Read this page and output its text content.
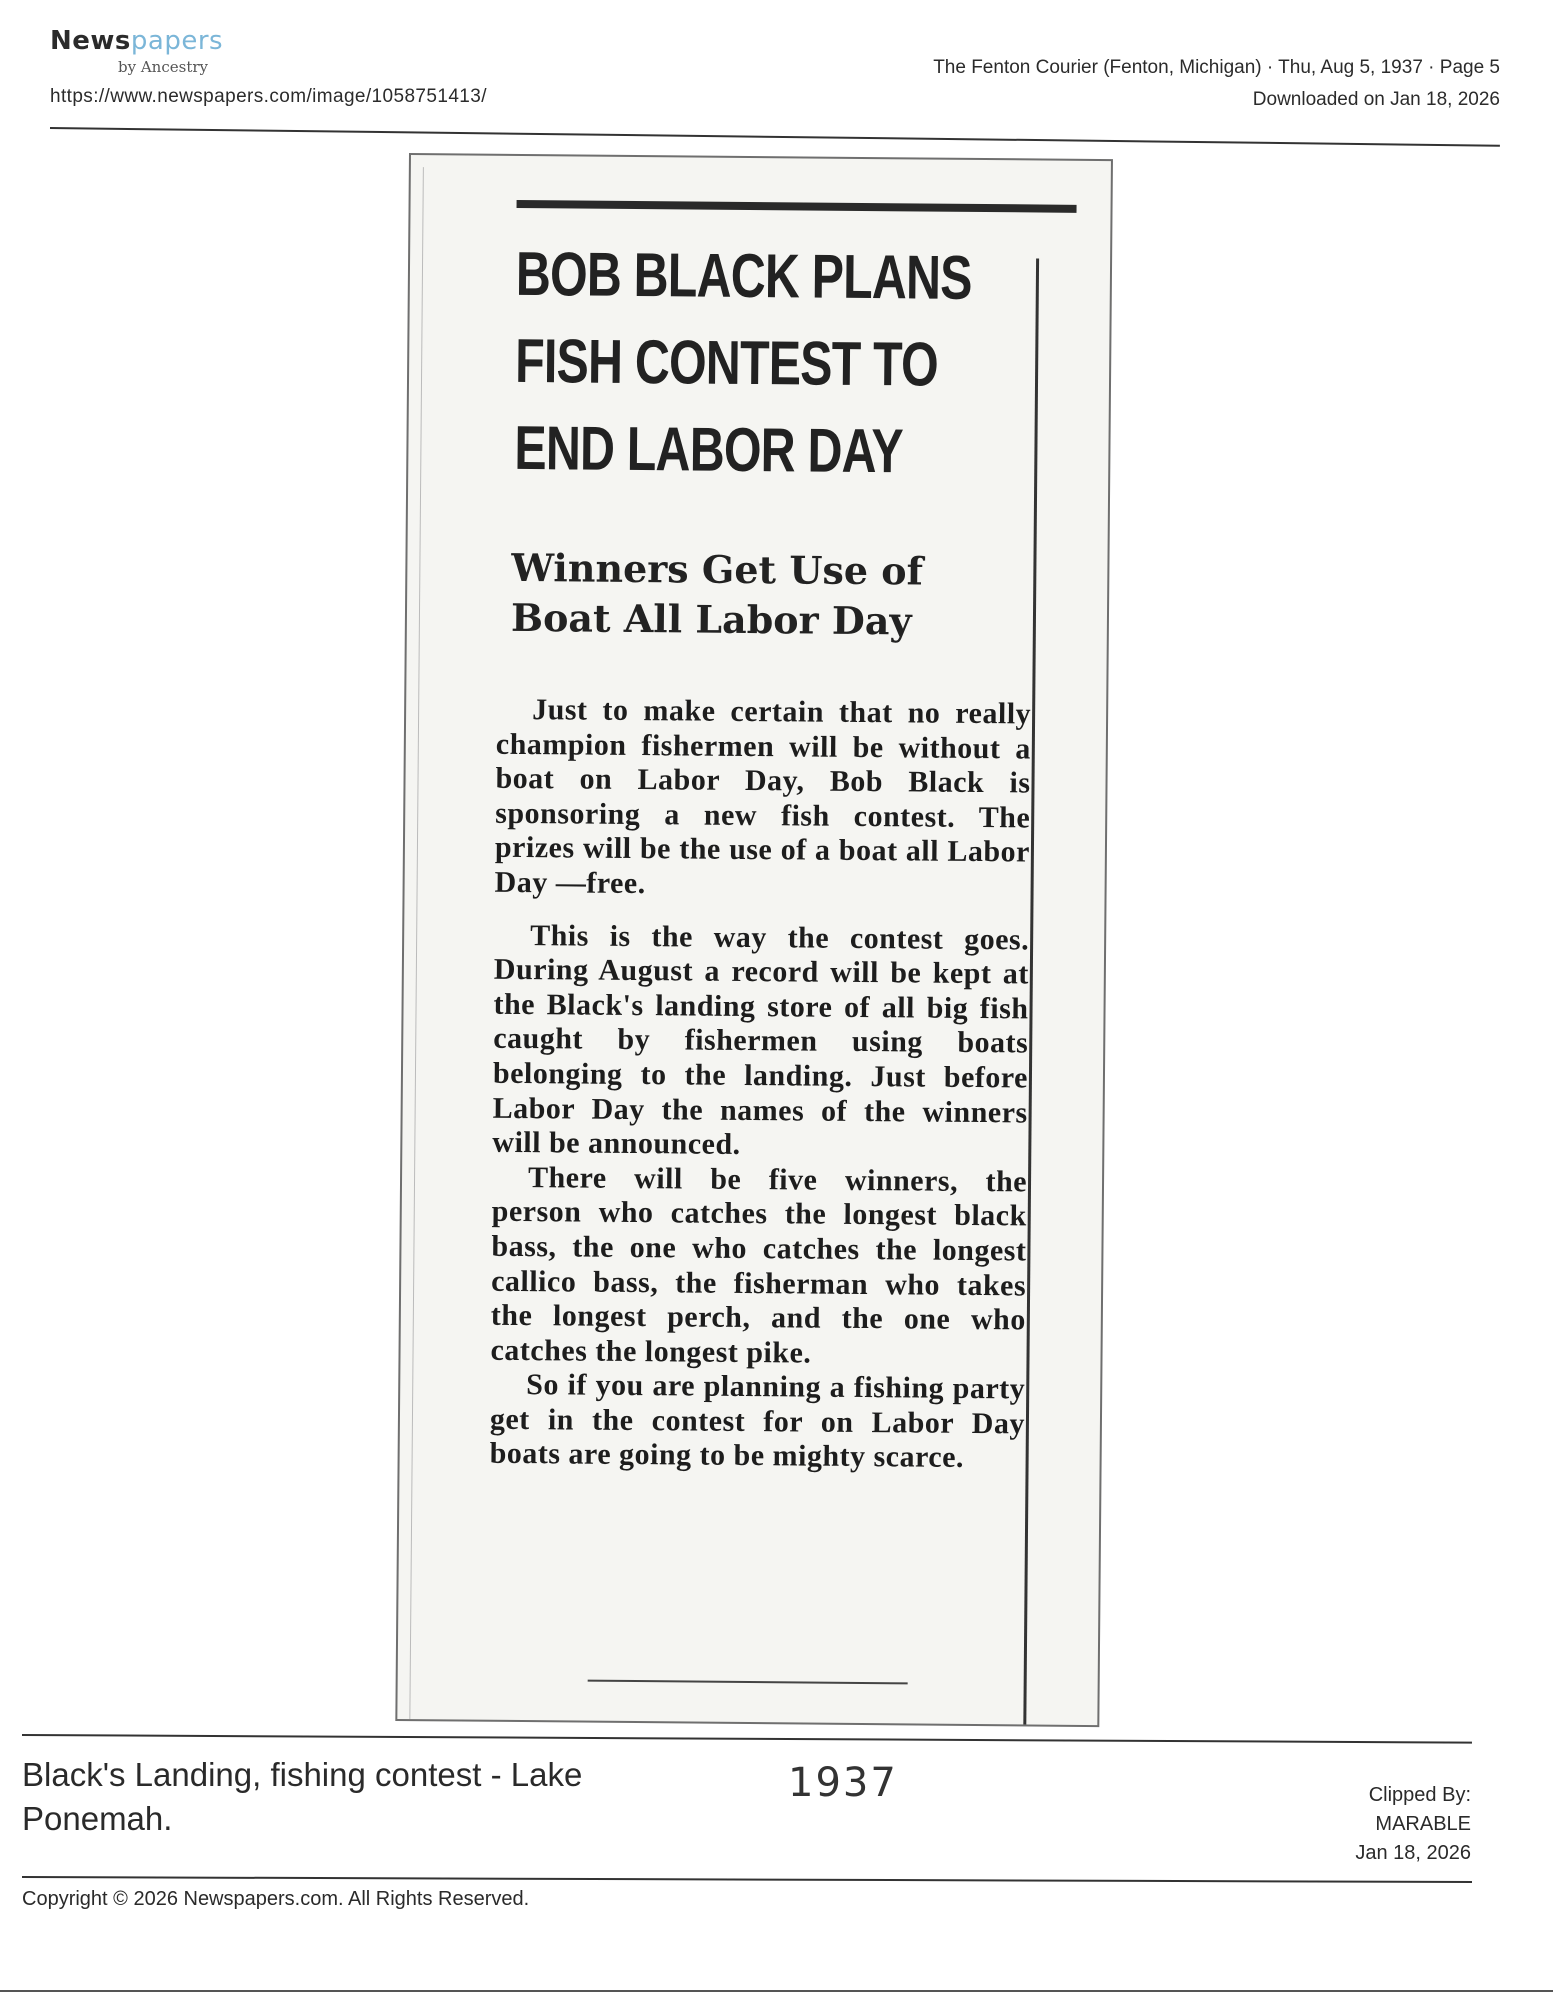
Newspapers
by Ancestry
https://www.newspapers.com/image/1058751413/
The Fenton Courier (Fenton, Michigan) · Thu, Aug 5, 1937 · Page 5
Downloaded on Jan 18, 2026
BOB BLACK PLANS
FISH CONTEST TO
END LABOR DAY
Winners Get Use of
Boat All Labor Day

Just to make certain that no really champion fishermen will be without a boat on Labor Day, Bob Black is sponsoring a new fish contest. The prizes will be the use of a boat all Labor Day —free.

This is the way the contest goes. During August a record will be kept at the Black's landing store of all big fish caught by fishermen using boats belonging to the landing. Just before Labor Day the names of the winners will be announced.

There will be five winners, the person who catches the longest black bass, the one who catches the longest callico bass, the fisherman who takes the longest perch, and the one who catches the longest pike.

So if you are planning a fishing party get in the contest for on Labor Day boats are going to be mighty scarce.

Black's Landing, fishing contest - Lake Ponemah.
1937	Clipped By:
MARABLE
Jan 18, 2026
Copyright © 2026 Newspapers.com. All Rights Reserved.
